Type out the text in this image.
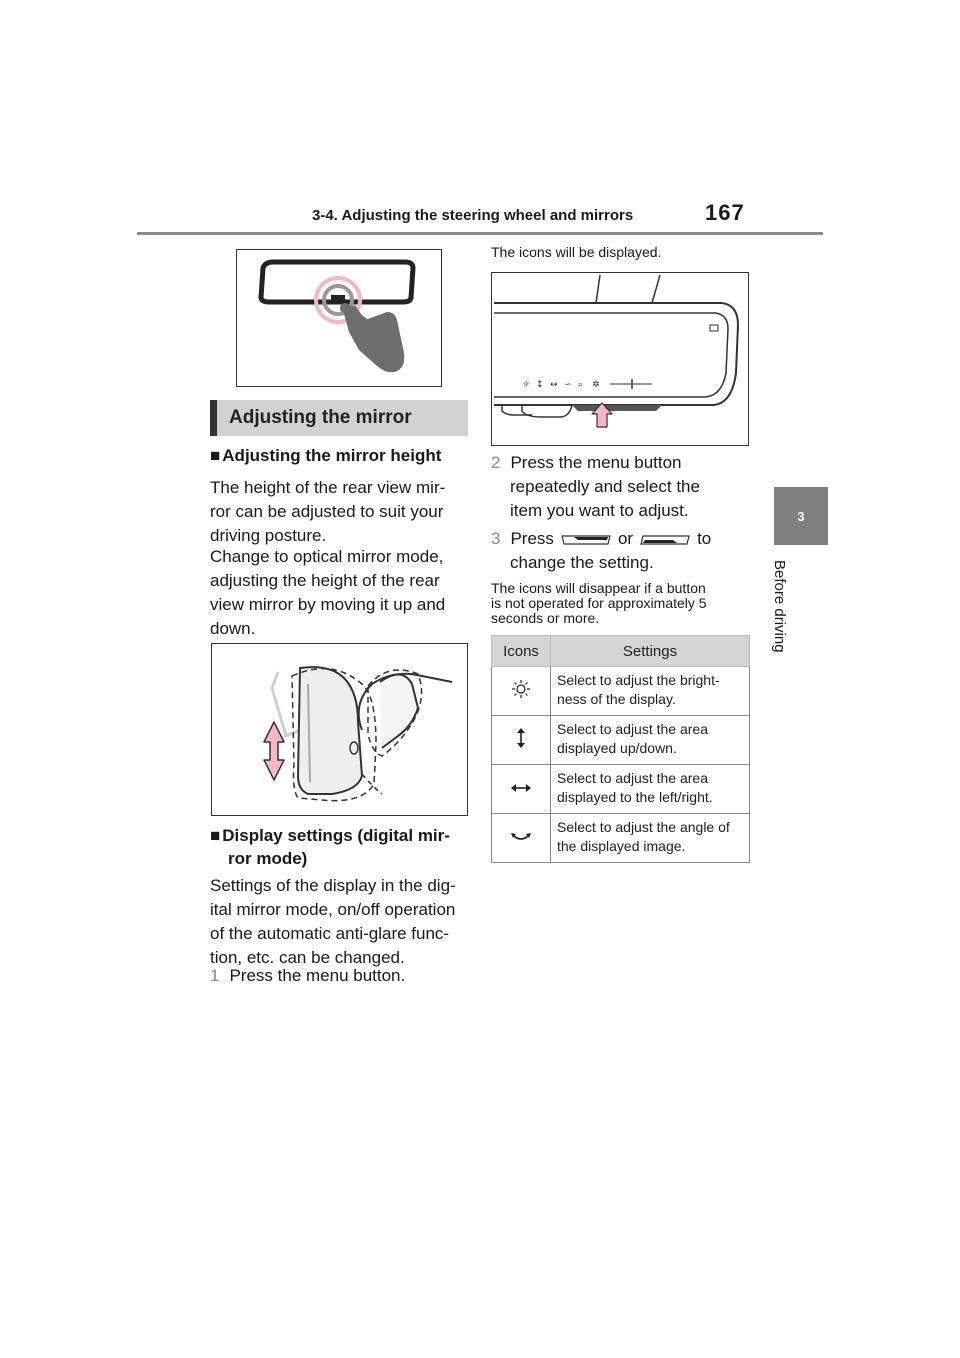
3-4. Adjusting the steering wheel and mirrors	167
3
Before driving
Adjusting the mirror
■ Adjusting the mirror height
The height of the rear view mir-
ror can be adjusted to suit your
driving posture.
Change to optical mirror mode,
adjusting the height of the rear
view mirror by moving it up and
down.
■ Display settings (digital mir-
ror mode)
Settings of the display in the dig-
ital mirror mode, on/off operation
of the automatic anti-glare func-
tion, etc. can be changed.
1 Press the menu button.
The icons will be displayed.
☼ ↕ ↔ ∽ ⌕ ✲
2 Press the menu button
repeatedly and select the
item you want to adjust.
3 Press	or	to
change the setting.
The icons will disappear if a button
is not operated for approximately 5
seconds or more.
Icons	Settings

Select to adjust the bright-
ness of the display.

Select to adjust the area
displayed up/down.

Select to adjust the area
displayed to the left/right.

Select to adjust the angle of
the displayed image.
